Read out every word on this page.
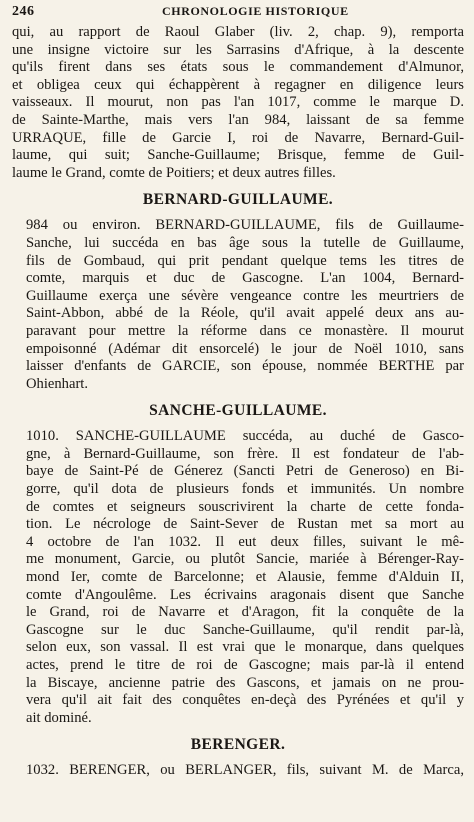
246	CHRONOLOGIE HISTORIQUE

qui, au rapport de Raoul Glaber (liv. 2, chap. 9), remporta
une insigne victoire sur les Sarrasins d'Afrique, à la descente
qu'ils firent dans ses états sous le commandement d'Almunor,
et obligea ceux qui échappèrent à regagner en diligence leurs
vaisseaux. Il mourut, non pas l'an 1017, comme le marque D.
de Sainte-Marthe, mais vers l'an 984, laissant de sa femme
URRAQUE, fille de Garcie I, roi de Navarre, Bernard-Guil-
laume, qui suit; Sanche-Guillaume; Brisque, femme de Guil-
laume le Grand, comte de Poitiers; et deux autres filles.

BERNARD-GUILLAUME.

984 ou environ. BERNARD-GUILLAUME, fils de Guillaume-
Sanche, lui succéda en bas âge sous la tutelle de Guillaume,
fils de Gombaud, qui prit pendant quelque tems les titres de
comte, marquis et duc de Gascogne. L'an 1004, Bernard-
Guillaume exerça une sévère vengeance contre les meurtriers de
Saint-Abbon, abbé de la Réole, qu'il avait appelé deux ans au-
paravant pour mettre la réforme dans ce monastère. Il mourut
empoisonné (Adémar dit ensorcelé) le jour de Noël 1010, sans
laisser d'enfants de GARCIE, son épouse, nommée BERTHE par
Ohienhart.

SANCHE-GUILLAUME.

1010. SANCHE-GUILLAUME succéda, au duché de Gasco-
gne, à Bernard-Guillaume, son frère. Il est fondateur de l'ab-
baye de Saint-Pé de Génerez (Sancti Petri de Generoso) en Bi-
gorre, qu'il dota de plusieurs fonds et immunités. Un nombre
de comtes et seigneurs souscrivirent la charte de cette fonda-
tion. Le nécrologe de Saint-Sever de Rustan met sa mort au
4 octobre de l'an 1032. Il eut deux filles, suivant le mê-
me monument, Garcie, ou plutôt Sancie, mariée à Bérenger-Ray-
mond Ier, comte de Barcelonne; et Alausie, femme d'Alduin II,
comte d'Angoulême. Les écrivains aragonais disent que Sanche
le Grand, roi de Navarre et d'Aragon, fit la conquête de la
Gascogne sur le duc Sanche-Guillaume, qu'il rendit par-là,
selon eux, son vassal. Il est vrai que le monarque, dans quelques
actes, prend le titre de roi de Gascogne; mais par-là il entend
la Biscaye, ancienne patrie des Gascons, et jamais on ne prou-
vera qu'il ait fait des conquêtes en-deçà des Pyrénées et qu'il y
ait dominé.

BERENGER.

1032. BERENGER, ou BERLANGER, fils, suivant M. de Marca,
